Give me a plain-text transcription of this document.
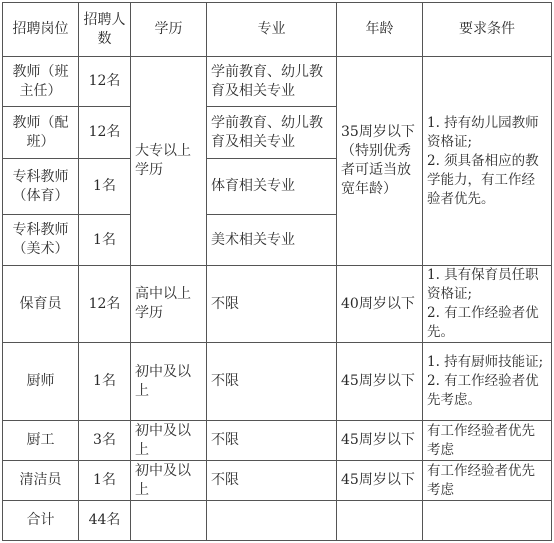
招聘岗位	招聘人数	学历	专业	年龄	要求条件
教师（班主任）	12名	大专以上学历	学前教育、幼儿教育及相关专业	35周岁以下（特别优秀者可适当放宽年龄）	1. 持有幼儿园教师资格证;
2. 须具备相应的教学能力，有工作经验者优先。

教师（配班）	12名		学前教育、幼儿教育及相关专业		
专科教师（体育）	1名		体育相关专业		
专科教师（美术）	1名		美术相关专业		
保育员	12名	高中以上学历	不限	40周岁以下	1. 具有保育员任职资格证;
2. 有工作经验者优先。

厨师	1名	初中及以上	不限	45周岁以下	1. 持有厨师技能证;
2. 有工作经验者优先考虑。

厨工	3名	初中及以上	不限	45周岁以下	有工作经验者优先考虑
清洁员	1名	初中及以上	不限	45周岁以下	有工作经验者优先考虑
合计	44名				
